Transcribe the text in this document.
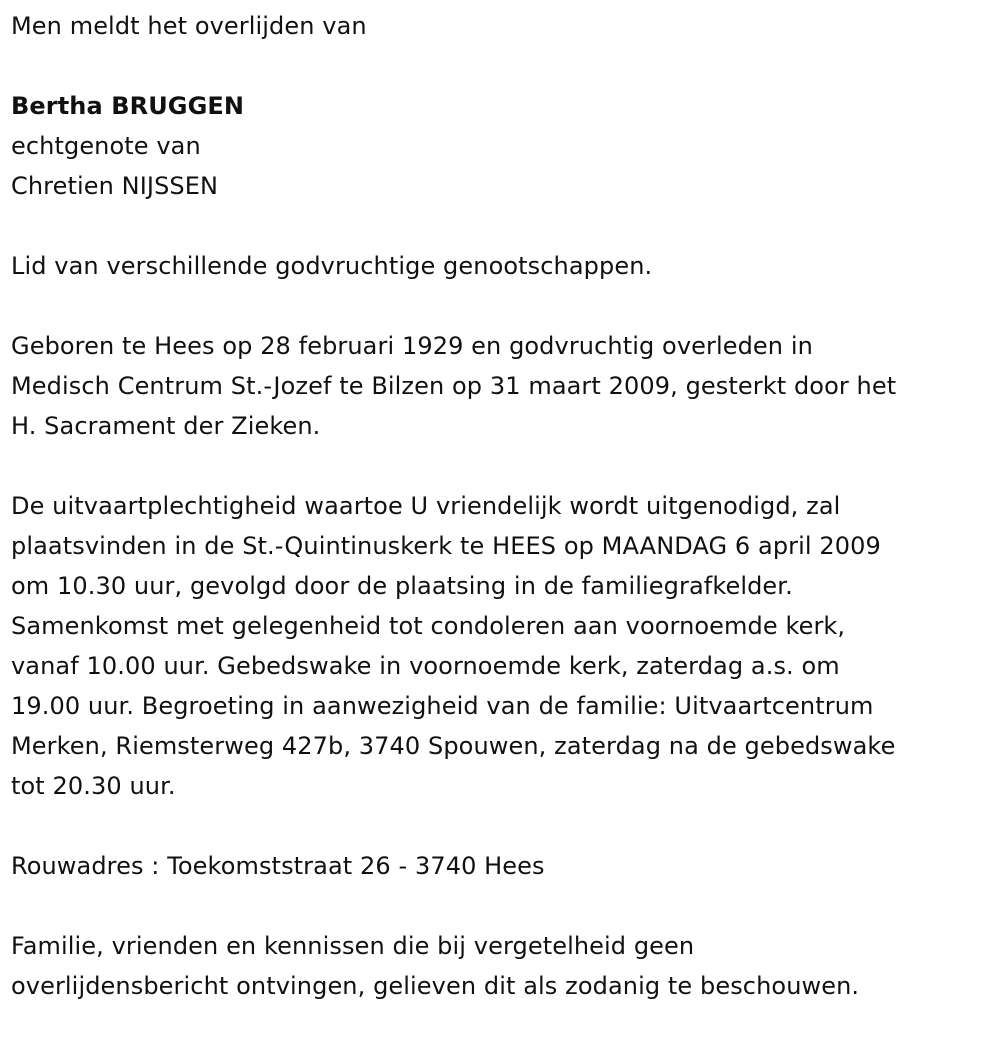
Men meldt het overlijden van
Bertha BRUGGEN
echtgenote van
Chretien NIJSSEN
Lid van verschillende godvruchtige genootschappen.
Geboren te Hees op 28 februari 1929 en godvruchtig overleden in
Medisch Centrum St.-Jozef te Bilzen op 31 maart 2009, gesterkt door het
H. Sacrament der Zieken.
De uitvaartplechtigheid waartoe U vriendelijk wordt uitgenodigd, zal
plaatsvinden in de St.-Quintinuskerk te HEES op MAANDAG 6 april 2009
om 10.30 uur, gevolgd door de plaatsing in de familiegrafkelder.
Samenkomst met gelegenheid tot condoleren aan voornoemde kerk,
vanaf 10.00 uur. Gebedswake in voornoemde kerk, zaterdag a.s. om
19.00 uur. Begroeting in aanwezigheid van de familie: Uitvaartcentrum
Merken, Riemsterweg 427b, 3740 Spouwen, zaterdag na de gebedswake
tot 20.30 uur.
Rouwadres : Toekomststraat 26 - 3740 Hees
Familie, vrienden en kennissen die bij vergetelheid geen
overlijdensbericht ontvingen, gelieven dit als zodanig te beschouwen.
